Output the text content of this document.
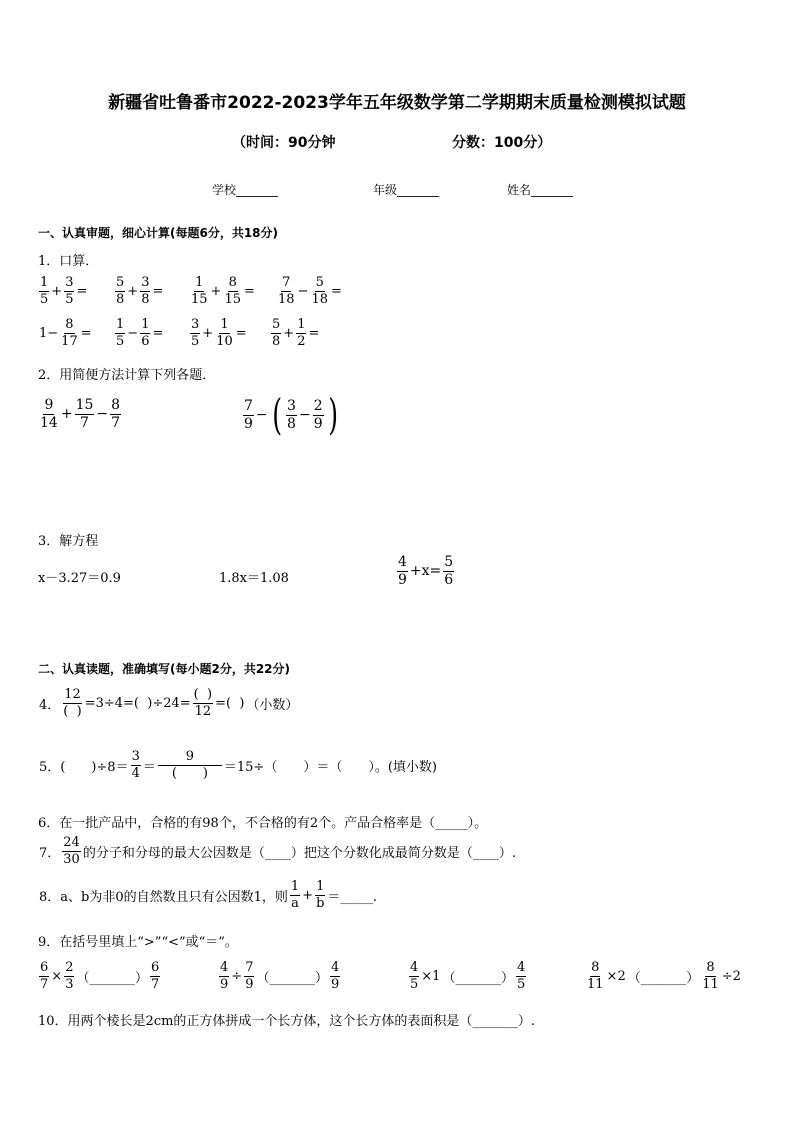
新疆省吐鲁番市2022-2023学年五年级数学第二学期期末质量检测模拟试题
（时间：90分钟	分数：100分）
学校_______	年级_______	姓名_______
一、认真审题，细心计算(每题6分，共18分)
1．口算．
$\frac{1}{5} + \frac{3}{5} = \frac{5}{8} + \frac{3}{8} = \frac{1}{15} + \frac{8}{15} = \frac{7}{18} - \frac{5}{18}$ =
$1- \frac{8}{17} = \frac{1}{5} - \frac{1}{6} = \frac{3}{5} + \frac{1}{10} = \frac{5}{8} + \frac{1}{2}$ =
2．用简便方法计算下列各题．
$\frac{9}{14} + \frac{15}{7} - \frac{8}{7}$	$\frac{7}{9}$ − ( $\frac{3}{8} - \frac{2}{9}$ )
3．解方程
x－3.27＝0.9	1.8x＝1.08	$\frac{4}{9} +x= \frac{5}{6}$
二、认真读题，准确填写(每小题2分，共22分)
4． $\frac{12}{( )} =3\div 4=$(  )$\div 24= \frac{( )}{12}$ =(  ) （小数）
5．(　　)$\div 8= \frac{3}{4} = \frac{9}{( )} =15\div$（　　）＝（　　）。(填小数)
6．在一批产品中，合格的有98个，不合格的有2个。产品合格率是（_____）。
7． $\frac{24}{30}$ 的分子和分母的最大公因数是（____）把这个分数化成最简分数是（____）.
8．a、b为非0的自然数且只有公因数1，则 $\frac{1}{a} + \frac{1}{b}$ ＝_____.
9．在括号里填上“>”“<”或“＝”。
$\frac{6}{7} \times \frac{2}{3}$ （_______） $\frac{6}{7}$	$\frac{4}{9} \div \frac{7}{9}$ （_______） $\frac{4}{9}$	$\frac{4}{5} \times 1$ （_______） $\frac{4}{5}$	$\frac{8}{11} \times 2$ （_______） $\frac{8}{11} \div 2$
10．用两个棱长是2cm的正方体拼成一个长方体，这个长方体的表面积是（_______）.
